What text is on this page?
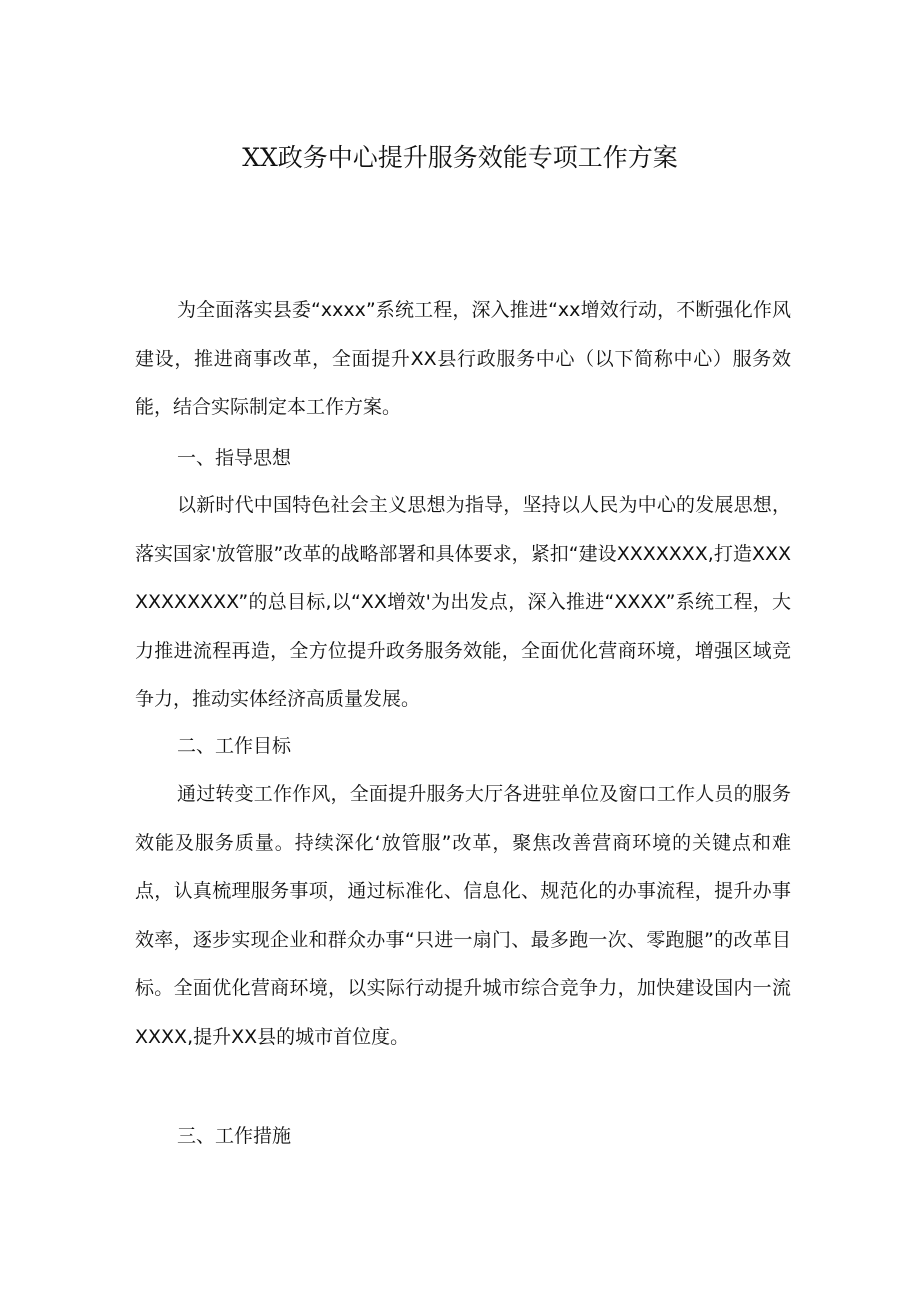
XX政务中心提升服务效能专项工作方案

为全面落实县委“xxxx”系统工程，深入推进“xx增效行动，不断强化作风建设，推进商事改革，全面提升XX县行政服务中心（以下简称中心）服务效能，结合实际制定本工作方案。

一、指导思想

以新时代中国特色社会主义思想为指导，坚持以人民为中心的发展思想，落实国家'放管服”改革的战略部署和具体要求，紧扣“建设XXXXXXX,打造XXXXXXXXXXX”的总目标,以“XX增效'为出发点，深入推进“XXXX”系统工程，大力推进流程再造，全方位提升政务服务效能，全面优化营商环境，增强区域竞争力，推动实体经济高质量发展。

二、工作目标

通过转变工作作风，全面提升服务大厅各进驻单位及窗口工作人员的服务效能及服务质量。持续深化‘放管服”改革，聚焦改善营商环境的关键点和难点，认真梳理服务事项，通过标准化、信息化、规范化的办事流程，提升办事效率，逐步实现企业和群众办事“只进一扇门、最多跑一次、零跑腿”的改革目标。全面优化营商环境，以实际行动提升城市综合竞争力，加快建设国内一流XXXX,提升XX县的城市首位度。

三、工作措施
